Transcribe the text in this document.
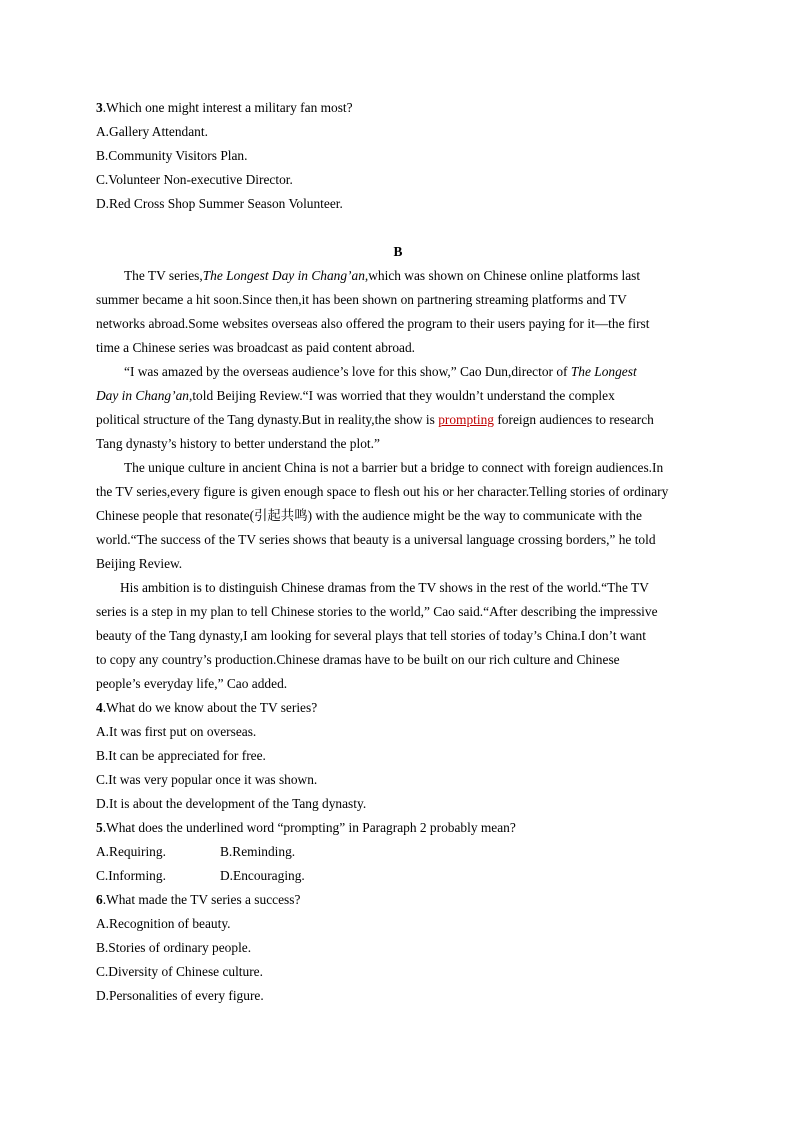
3.Which one might interest a military fan most?
A.Gallery Attendant.
B.Community Visitors Plan.
C.Volunteer Non-executive Director.
D.Red Cross Shop Summer Season Volunteer.
B
The TV series,The Longest Day in Chang’an,which was shown on Chinese online platforms last
summer became a hit soon.Since then,it has been shown on partnering streaming platforms and TV
networks abroad.Some websites overseas also offered the program to their users paying for it—the first
time a Chinese series was broadcast as paid content abroad.
“I was amazed by the overseas audience’s love for this show,” Cao Dun,director of The Longest
Day in Chang’an,told Beijing Review.“I was worried that they wouldn’t understand the complex
political structure of the Tang dynasty.But in reality,the show is prompting foreign audiences to research
Tang dynasty’s history to better understand the plot.”
The unique culture in ancient China is not a barrier but a bridge to connect with foreign audiences.In
the TV series,every figure is given enough space to flesh out his or her character.Telling stories of ordinary
Chinese people that resonate(引起共鸣) with the audience might be the way to communicate with the
world.“The success of the TV series shows that beauty is a universal language crossing borders,” he told
Beijing Review.
His ambition is to distinguish Chinese dramas from the TV shows in the rest of the world.“The TV
series is a step in my plan to tell Chinese stories to the world,” Cao said.“After describing the impressive
beauty of the Tang dynasty,I am looking for several plays that tell stories of today’s China.I don’t want
to copy any country’s production.Chinese dramas have to be built on our rich culture and Chinese
people’s everyday life,” Cao added.
4.What do we know about the TV series?
A.It was first put on overseas.
B.It can be appreciated for free.
C.It was very popular once it was shown.
D.It is about the development of the Tang dynasty.
5.What does the underlined word “prompting” in Paragraph 2 probably mean?
A.Requiring.	B.Reminding.
C.Informing.	D.Encouraging.
6.What made the TV series a success?
A.Recognition of beauty.
B.Stories of ordinary people.
C.Diversity of Chinese culture.
D.Personalities of every figure.
